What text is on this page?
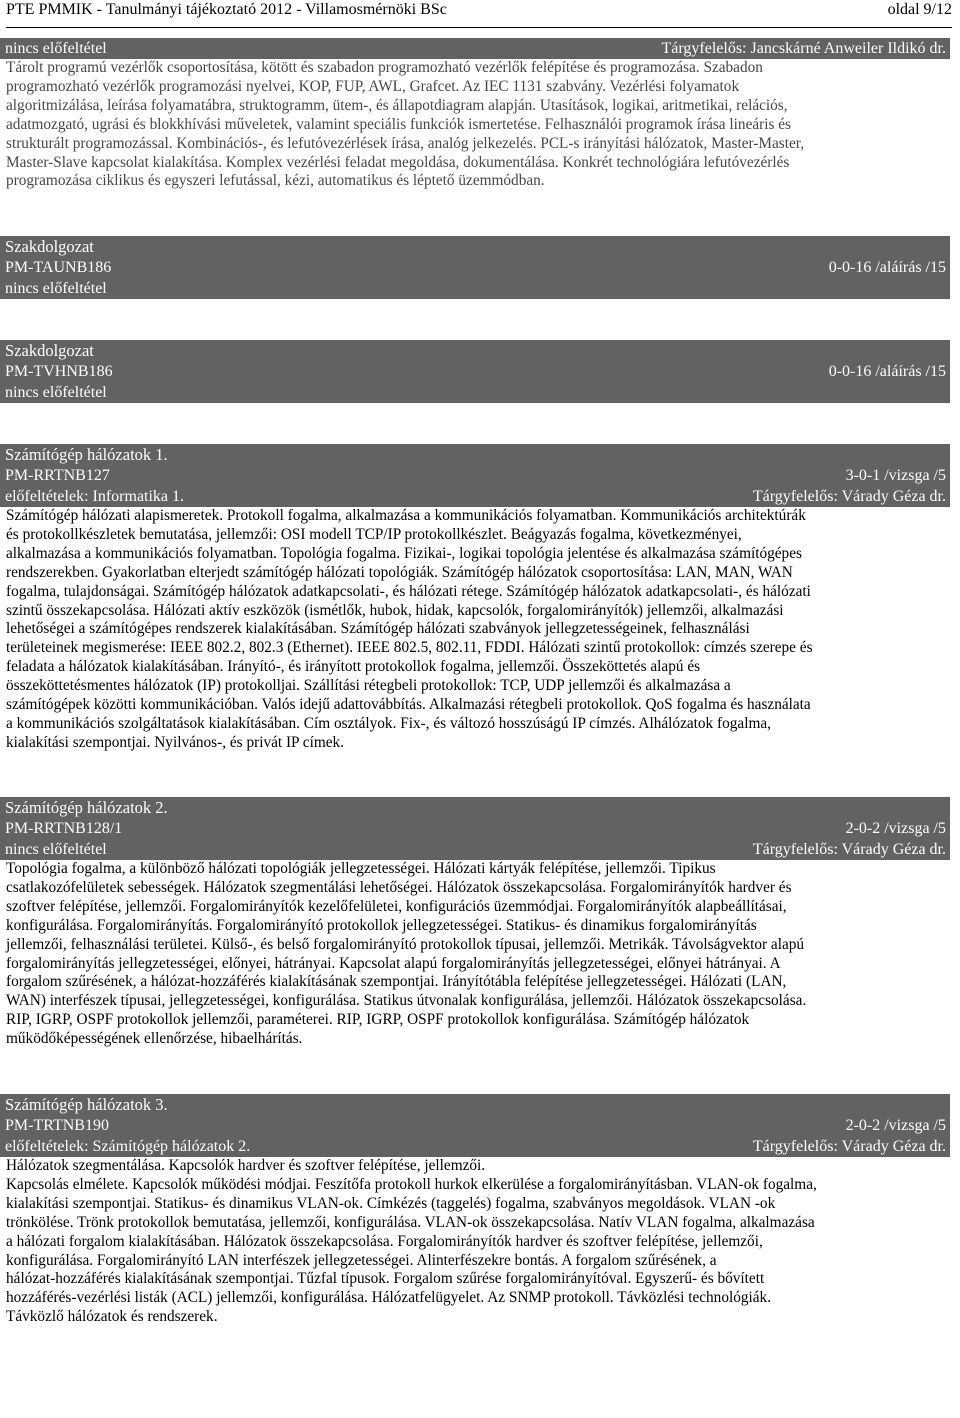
PTE PMMIK - Tanulmányi tájékoztató 2012 - Villamosmérnöki BSc	oldal 9/12
nincs előfeltétel	Tárgyfelelős: Jancskárné Anweiler Ildikó dr.
Tárolt programú vezérlők csoportosítása, kötött és szabadon programozható vezérlők felépítése és programozása. Szabadon
programozható vezérlők programozási nyelvei, KOP, FUP, AWL, Grafcet. Az IEC 1131 szabvány. Vezérlési folyamatok
algoritmizálása, leírása folyamatábra, struktogramm, ütem-, és állapotdiagram alapján. Utasítások, logikai, aritmetikai, relációs,
adatmozgató, ugrási és blokkhívási műveletek, valamint speciális funkciók ismertetése. Felhasználói programok írása lineáris és
strukturált programozással. Kombinációs-, és lefutóvezérlések írása, analóg jelkezelés. PCL-s irányítási hálózatok, Master-Master,
Master-Slave kapcsolat kialakítása. Komplex vezérlési feladat megoldása, dokumentálása. Konkrét technológiára lefutóvezérlés
programozása ciklikus és egyszeri lefutással, kézi, automatikus és léptető üzemmódban.
Szakdolgozat
PM-TAUNB186	0-0-16 /aláírás /15
nincs előfeltétel
Szakdolgozat
PM-TVHNB186	0-0-16 /aláírás /15
nincs előfeltétel
Számítógép hálózatok 1.
PM-RRTNB127	3-0-1 /vizsga /5
előfeltételek: Informatika 1.	Tárgyfelelős: Várady Géza dr.
Számítógép hálózati alapismeretek. Protokoll fogalma, alkalmazása a kommunikációs folyamatban. Kommunikációs architektúrák
és protokollkészletek bemutatása, jellemzői: OSI modell TCP/IP protokollkészlet. Beágyazás fogalma, következményei,
alkalmazása a kommunikációs folyamatban. Topológia fogalma. Fizikai-, logikai topológia jelentése és alkalmazása számítógépes
rendszerekben. Gyakorlatban elterjedt számítógép hálózati topológiák. Számítógép hálózatok csoportosítása: LAN, MAN, WAN
fogalma, tulajdonságai. Számítógép hálózatok adatkapcsolati-, és hálózati rétege. Számítógép hálózatok adatkapcsolati-, és hálózati
szintű összekapcsolása. Hálózati aktív eszközök (ismétlők, hubok, hidak, kapcsolók, forgalomirányítók) jellemzői, alkalmazási
lehetőségei a számítógépes rendszerek kialakításában. Számítógép hálózati szabványok jellegzetességeinek, felhasználási
területeinek megismerése: IEEE 802.2, 802.3 (Ethernet). IEEE 802.5, 802.11, FDDI. Hálózati szintű protokollok: címzés szerepe és
feladata a hálózatok kialakításában. Irányító-, és irányított protokollok fogalma, jellemzői. Összeköttetés alapú és
összeköttetésmentes hálózatok (IP) protokolljai. Szállítási rétegbeli protokollok: TCP, UDP jellemzői és alkalmazása a
számítógépek közötti kommunikációban. Valós idejű adattovábbítás. Alkalmazási rétegbeli protokollok. QoS fogalma és használata
a kommunikációs szolgáltatások kialakításában. Cím osztályok. Fix-, és változó hosszúságú IP címzés. Alhálózatok fogalma,
kialakítási szempontjai. Nyilvános-, és privát IP címek.
Számítógép hálózatok 2.
PM-RRTNB128/1	2-0-2 /vizsga /5
nincs előfeltétel	Tárgyfelelős: Várady Géza dr.
Topológia fogalma, a különböző hálózati topológiák jellegzetességei. Hálózati kártyák felépítése, jellemzői. Tipikus
csatlakozófelületek sebességek. Hálózatok szegmentálási lehetőségei. Hálózatok összekapcsolása. Forgalomirányítók hardver és
szoftver felépítése, jellemzői. Forgalomirányítók kezelőfelületei, konfigurációs üzemmódjai. Forgalomirányítók alapbeállításai,
konfigurálása. Forgalomirányítás. Forgalomirányító protokollok jellegzetességei. Statikus- és dinamikus forgalomirányítás
jellemzői, felhasználási területei. Külső-, és belső forgalomirányító protokollok típusai, jellemzői. Metrikák. Távolságvektor alapú
forgalomirányítás jellegzetességei, előnyei, hátrányai. Kapcsolat alapú forgalomirányítás jellegzetességei, előnyei hátrányai. A
forgalom szűrésének, a hálózat-hozzáférés kialakításának szempontjai. Irányítótábla felépítése jellegzetességei. Hálózati (LAN,
WAN) interfészek típusai, jellegzetességei, konfigurálása. Statikus útvonalak konfigurálása, jellemzői. Hálózatok összekapcsolása.
RIP, IGRP, OSPF protokollok jellemzői, paraméterei. RIP, IGRP, OSPF protokollok konfigurálása. Számítógép hálózatok
működőképességének ellenőrzése, hibaelhárítás.
Számítógép hálózatok 3.
PM-TRTNB190	2-0-2 /vizsga /5
előfeltételek: Számítógép hálózatok 2.	Tárgyfelelős: Várady Géza dr.
Hálózatok szegmentálása. Kapcsolók hardver és szoftver felépítése, jellemzői.
Kapcsolás elmélete. Kapcsolók működési módjai. Feszítőfa protokoll hurkok elkerülése a forgalomirányításban. VLAN-ok fogalma,
kialakítási szempontjai. Statikus- és dinamikus VLAN-ok. Címkézés (taggelés) fogalma, szabványos megoldások. VLAN -ok
trönkölése. Trönk protokollok bemutatása, jellemzői, konfigurálása. VLAN-ok összekapcsolása. Natív VLAN fogalma, alkalmazása
a hálózati forgalom kialakításában. Hálózatok összekapcsolása. Forgalomirányítók hardver és szoftver felépítése, jellemzői,
konfigurálása. Forgalomirányító LAN interfészek jellegzetességei. Alinterfészekre bontás. A forgalom szűrésének, a
hálózat-hozzáférés kialakításának szempontjai. Tűzfal típusok. Forgalom szűrése forgalomirányítóval. Egyszerű- és bővített
hozzáférés-vezérlési listák (ACL) jellemzői, konfigurálása. Hálózatfelügyelet. Az SNMP protokoll. Távközlési technológiák.
Távközlő hálózatok és rendszerek.
